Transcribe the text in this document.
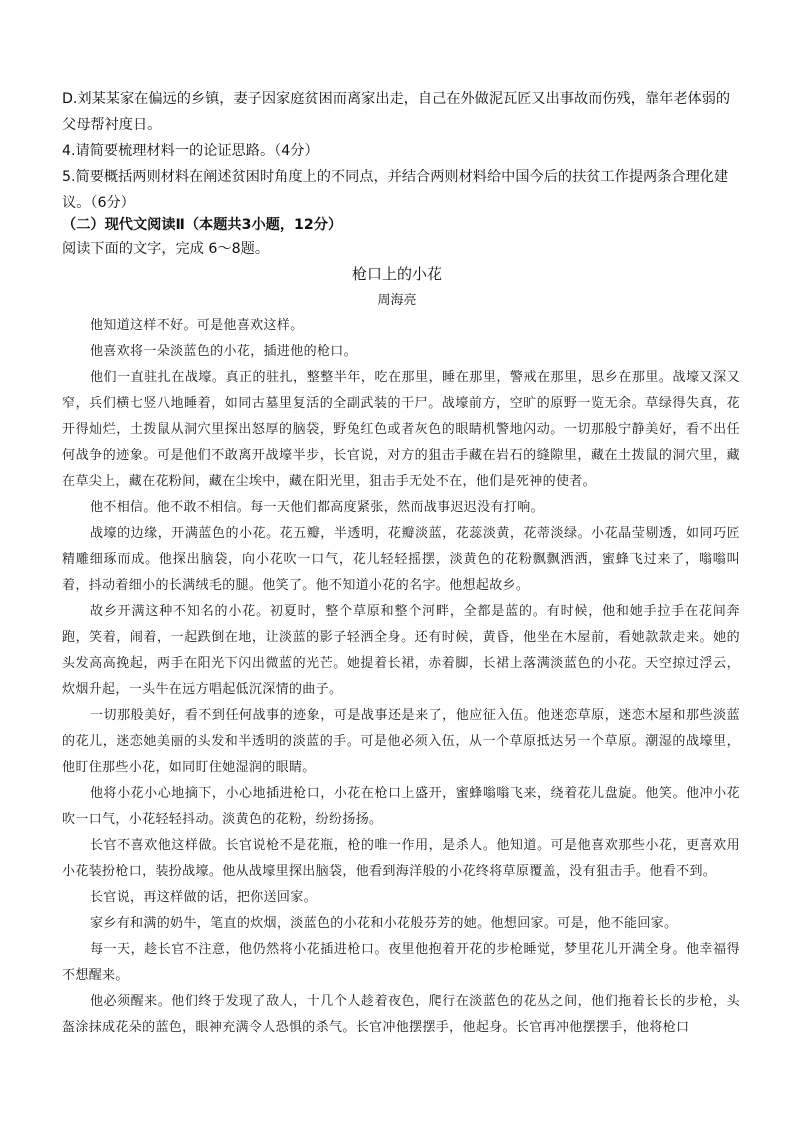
D.刘某某家在偏远的乡镇，妻子因家庭贫困而离家出走，自己在外做泥瓦匠又出事故而伤残，靠年老体弱的父母帮衬度日。
4.请简要梳理材料一的论证思路。（4分）
5.简要概括两则材料在阐述贫困时角度上的不同点，并结合两则材料给中国今后的扶贫工作提两条合理化建议。（6分）
（二）现代文阅读Ⅱ（本题共3小题，12分）
阅读下面的文字，完成 6～8题。
枪口上的小花
周海亮

他知道这样不好。可是他喜欢这样。

他喜欢将一朵淡蓝色的小花，插进他的枪口。

他们一直驻扎在战壕。真正的驻扎，整整半年，吃在那里，睡在那里，警戒在那里，思乡在那里。战壕又深又窄，兵们横七竖八地睡着，如同古墓里复活的全副武装的干尸。战壕前方，空旷的原野一览无余。草绿得失真，花开得灿烂，土拨鼠从洞穴里探出怒厚的脑袋，野兔红色或者灰色的眼睛机警地闪动。一切那般宁静美好，看不出任何战争的迹象。可是他们不敢离开战壕半步，长官说，对方的狙击手藏在岩石的缝隙里，藏在土拨鼠的洞穴里，藏在草尖上，藏在花粉间，藏在尘埃中，藏在阳光里，狙击手无处不在，他们是死神的使者。

他不相信。他不敢不相信。每一天他们都高度紧张，然而战事迟迟没有打响。

战壕的边缘，开满蓝色的小花。花五瓣，半透明，花瓣淡蓝，花蕊淡黄，花蒂淡绿。小花晶莹剔透，如同巧匠精雕细琢而成。他探出脑袋，向小花吹一口气，花儿轻轻摇摆，淡黄色的花粉飘飘洒洒，蜜蜂飞过来了，嗡嗡叫着，抖动着细小的长满绒毛的腿。他笑了。他不知道小花的名字。他想起故乡。

故乡开满这种不知名的小花。初夏时，整个草原和整个河畔，全都是蓝的。有时候，他和她手拉手在花间奔跑，笑着，闹着，一起跌倒在地，让淡蓝的影子轻洒全身。还有时候，黄昏，他坐在木屋前，看她款款走来。她的头发高高挽起，两手在阳光下闪出微蓝的光芒。她提着长裙，赤着脚，长裙上落满淡蓝色的小花。天空掠过浮云，炊烟升起，一头牛在远方唱起低沉深情的曲子。

一切那般美好，看不到任何战事的迹象，可是战事还是来了，他应征入伍。他迷恋草原，迷恋木屋和那些淡蓝的花儿，迷恋她美丽的头发和半透明的淡蓝的手。可是他必须入伍，从一个草原抵达另一个草原。潮湿的战壕里，他盯住那些小花，如同盯住她湿润的眼睛。

他将小花小心地摘下，小心地插进枪口，小花在枪口上盛开，蜜蜂嗡嗡飞来，绕着花儿盘旋。他笑。他冲小花吹一口气，小花轻轻抖动。淡黄色的花粉，纷纷扬扬。

长官不喜欢他这样做。长官说枪不是花瓶，枪的唯一作用，是杀人。他知道。可是他喜欢那些小花，更喜欢用小花装扮枪口，装扮战壕。他从战壕里探出脑袋，他看到海洋般的小花终将草原覆盖，没有狙击手。他看不到。

长官说，再这样做的话，把你送回家。

家乡有和满的奶牛，笔直的炊烟，淡蓝色的小花和小花般芬芳的她。他想回家。可是，他不能回家。

每一天，趁长官不注意，他仍然将小花插进枪口。夜里他抱着开花的步枪睡觉，梦里花儿开满全身。他幸福得不想醒来。

他必须醒来。他们终于发现了敌人，十几个人趁着夜色，爬行在淡蓝色的花丛之间，他们拖着长长的步枪，头盔涂抹成花朵的蓝色，眼神充满令人恐惧的杀气。长官冲他摆摆手，他起身。长官再冲他摆摆手，他将枪口
